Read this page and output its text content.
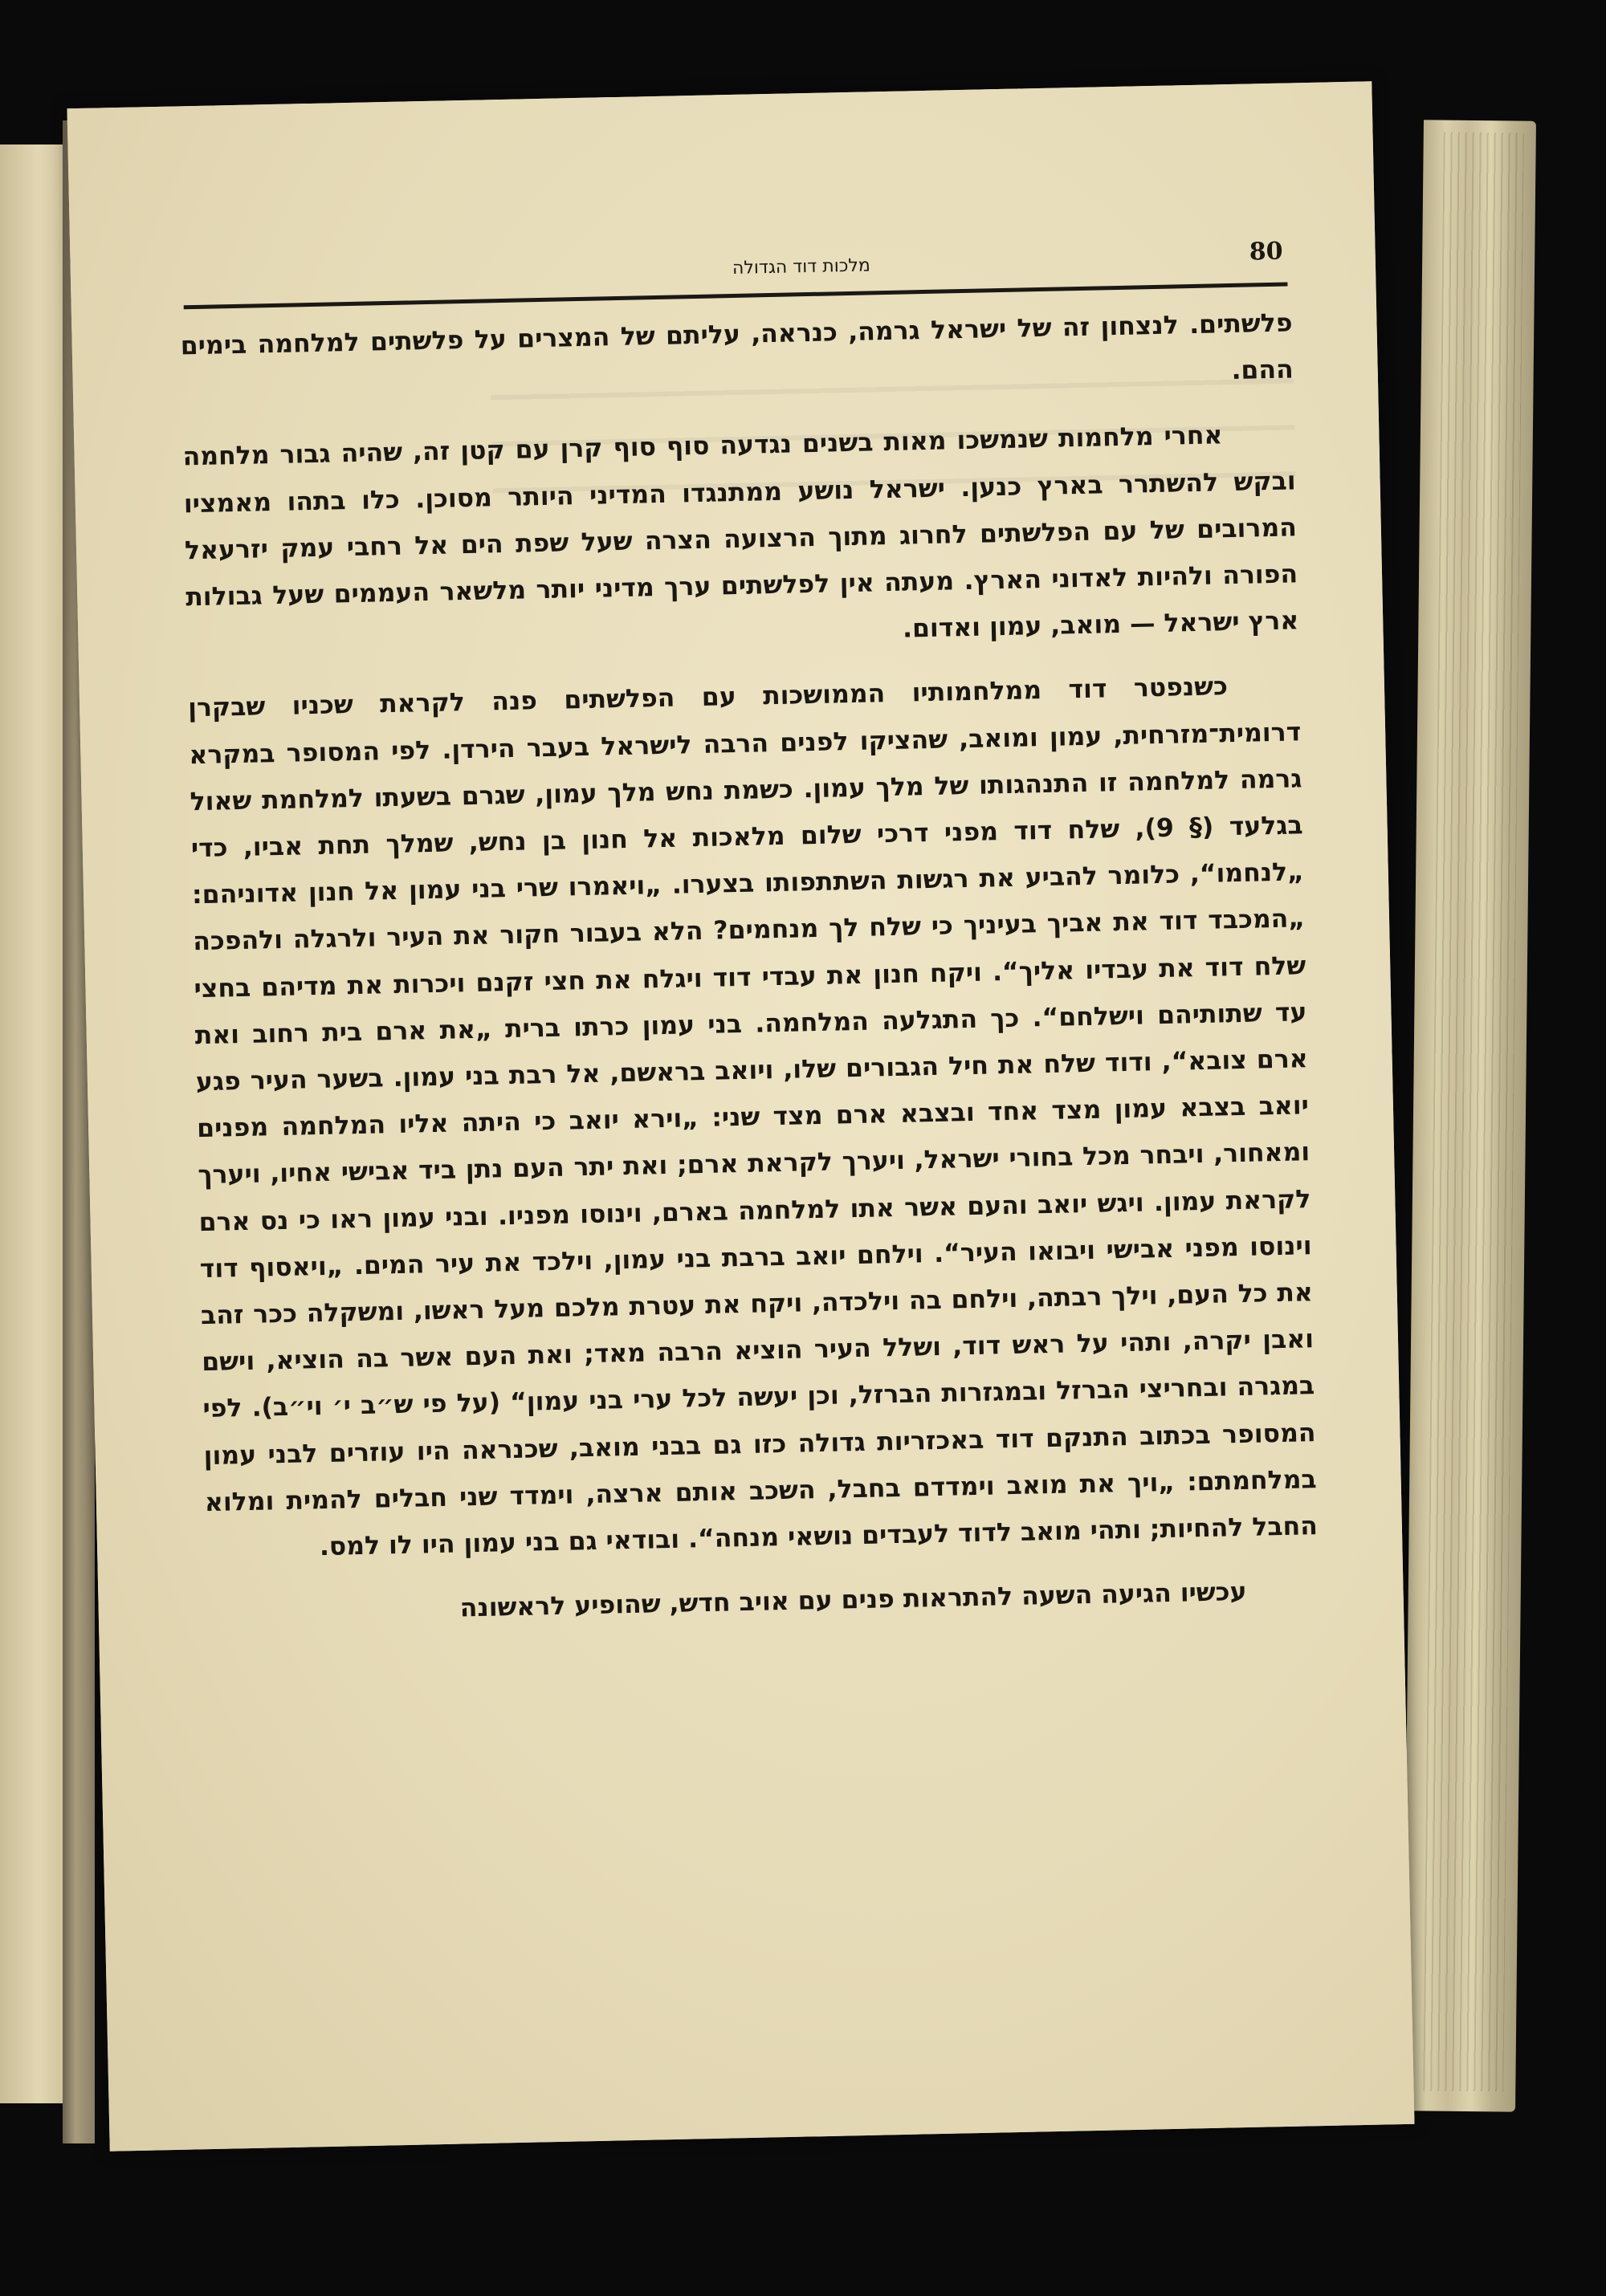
מלכות דוד הגדולה
80

פלשתים. לנצחון זה של ישראל גרמה, כנראה, עליתם של המצרים על פלשתים למלחמה בימים ההם.

אחרי מלחמות שנמשכו מאות בשנים נגדעה סוף סוף קרן עם קטן זה, שהיה גבור מלחמה ובקש להשתרר בארץ כנען. ישראל נושע ממתנגדו המדיני היותר מסוכן. כלו בתהו מאמציו המרובים של עם הפלשתים לחרוג מתוך הרצועה הצרה שעל שפת הים אל רחבי עמק יזרעאל הפורה ולהיות לאדוני הארץ. מעתה אין לפלשתים ערך מדיני יותר מלשאר העממים שעל גבולות ארץ ישראל — מואב, עמון ואדום.

כשנפטר דוד ממלחמותיו הממושכות עם הפלשתים פנה לקראת שכניו שבקרן דרומית־מזרחית, עמון ומואב, שהציקו לפנים הרבה לישראל בעבר הירדן. לפי המסופר במקרא גרמה למלחמה זו התנהגותו של מלך עמון. כשמת נחש מלך עמון, שגרם בשעתו למלחמת שאול בגלעד (§ 9), שלח דוד מפני דרכי שלום מלאכות אל חנון בן נחש, שמלך תחת אביו, כדי „לנחמו“, כלומר להביע את רגשות השתתפותו בצערו. „ויאמרו שרי בני עמון אל חנון אדוניהם: „המכבד דוד את אביך בעיניך כי שלח לך מנחמים? הלא בעבור חקור את העיר ולרגלה ולהפכה שלח דוד את עבדיו אליך“. ויקח חנון את עבדי דוד ויגלח את חצי זקנם ויכרות את מדיהם בחצי עד שתותיהם וישלחם“. כך התגלעה המלחמה. בני עמון כרתו ברית „את ארם בית רחוב ואת ארם צובא“, ודוד שלח את חיל הגבורים שלו, ויואב בראשם, אל רבת בני עמון. בשער העיר פגע יואב בצבא עמון מצד אחד ובצבא ארם מצד שני: „וירא יואב כי היתה אליו המלחמה מפנים ומאחור, ויבחר מכל בחורי ישראל, ויערך לקראת ארם; ואת יתר העם נתן ביד אבישי אחיו, ויערך לקראת עמון. ויגש יואב והעם אשר אתו למלחמה בארם, וינוסו מפניו. ובני עמון ראו כי נס ארם וינוסו מפני אבישי ויבואו העיר“. וילחם יואב ברבת בני עמון, וילכד את עיר המים. „ויאסוף דוד את כל העם, וילך רבתה, וילחם בה וילכדה, ויקח את עטרת מלכם מעל ראשו, ומשקלה ככר זהב ואבן יקרה, ותהי על ראש דוד, ושלל העיר הוציא הרבה מאד; ואת העם אשר בה הוציא, וישם במגרה ובחריצי הברזל ובמגזרות הברזל, וכן יעשה לכל ערי בני עמון“ (על פי ש״ב י׳ וי״ב). לפי המסופר בכתוב התנקם דוד באכזריות גדולה כזו גם בבני מואב, שכנראה היו עוזרים לבני עמון במלחמתם: „ויך את מואב וימדדם בחבל, השכב אותם ארצה, וימדד שני חבלים להמית ומלוא החבל להחיות; ותהי מואב לדוד לעבדים נושאי מנחה“. ובודאי גם בני עמון היו לו למס.

עכשיו הגיעה השעה להתראות פנים עם אויב חדש, שהופיע לראשונה
